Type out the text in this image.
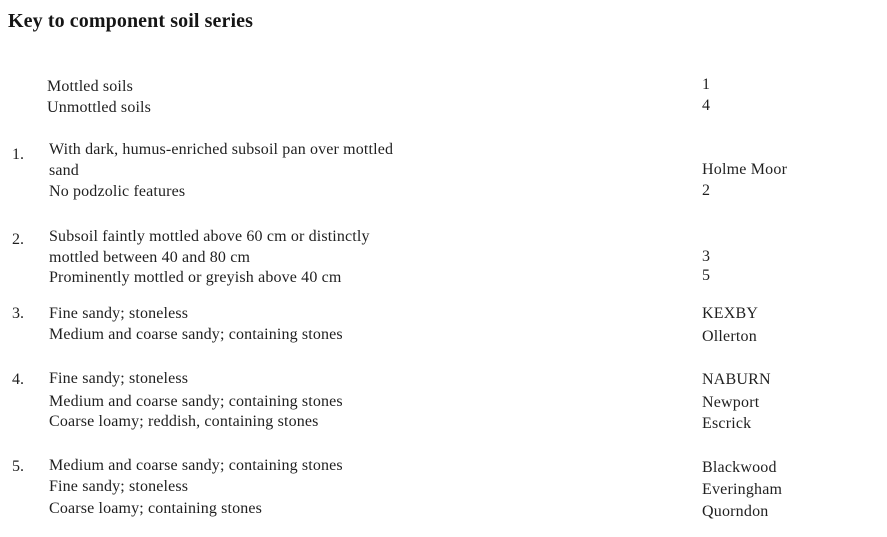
Key to component soil series
Mottled soils	1
Unmottled soils	4
1. With dark, humus-enriched subsoil pan over mottled
sand	Holme Moor
No podzolic features	2
2. Subsoil faintly mottled above 60 cm or distinctly
mottled between 40 and 80 cm	3
Prominently mottled or greyish above 40 cm	5
3. Fine sandy; stoneless	KEXBY
Medium and coarse sandy; containing stones	Ollerton
4. Fine sandy; stoneless	NABURN
Medium and coarse sandy; containing stones	Newport
Coarse loamy; reddish, containing stones	Escrick
5. Medium and coarse sandy; containing stones	Blackwood
Fine sandy; stoneless	Everingham
Coarse loamy; containing stones	Quorndon
